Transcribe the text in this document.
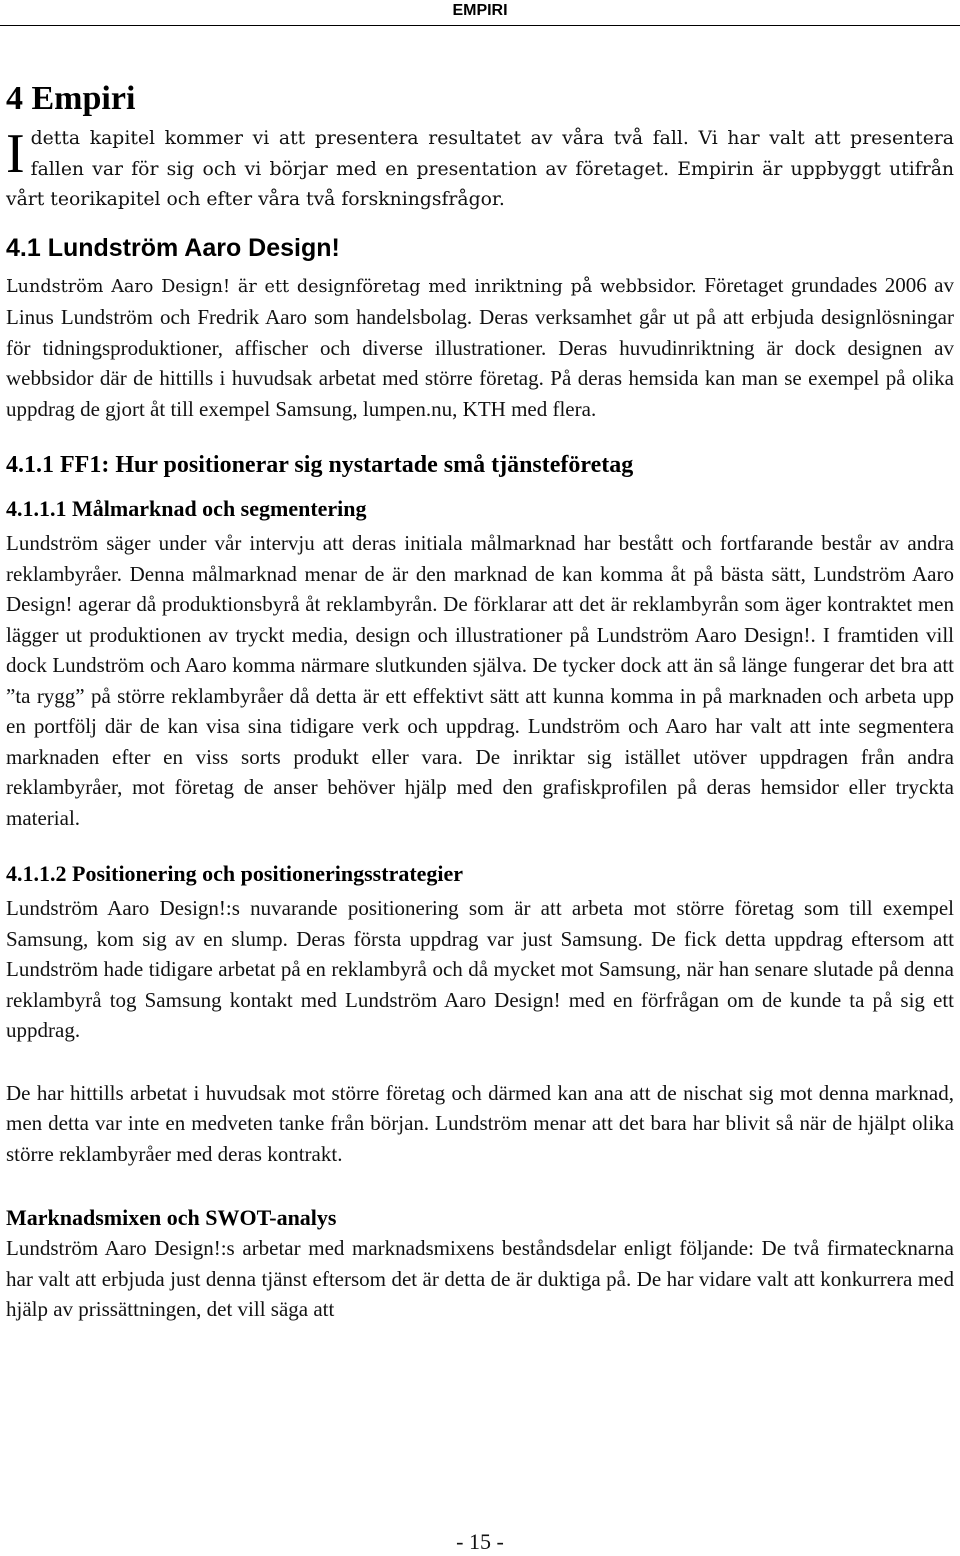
EMPIRI
4 Empiri

Idetta kapitel kommer vi att presentera resultatet av våra två fall. Vi har valt att presentera fallen var för sig och vi börjar med en presentation av företaget. Empirin är uppbyggt utifrån vårt teorikapitel och efter våra två forskningsfrågor.

4.1 Lundström Aaro Design!

Lundström Aaro Design! är ett designföretag med inriktning på webbsidor. Företaget grundades 2006 av Linus Lundström och Fredrik Aaro som handelsbolag. Deras verksamhet går ut på att erbjuda designlösningar för tidningsproduktioner, affischer och diverse illustrationer. Deras huvudinriktning är dock designen av webbsidor där de hittills i huvudsak arbetat med större företag. På deras hemsida kan man se exempel på olika uppdrag de gjort åt till exempel Samsung, lumpen.nu, KTH med flera.

4.1.1 FF1: Hur positionerar sig nystartade små tjänsteföretag
4.1.1.1 Målmarknad och segmentering

Lundström säger under vår intervju att deras initiala målmarknad har bestått och fortfarande består av andra reklambyråer. Denna målmarknad menar de är den marknad de kan komma åt på bästa sätt, Lundström Aaro Design! agerar då produktionsbyrå åt reklambyrån. De förklarar att det är reklambyrån som äger kontraktet men lägger ut produktionen av tryckt media, design och illustrationer på Lundström Aaro Design!. I framtiden vill dock Lundström och Aaro komma närmare slutkunden själva. De tycker dock att än så länge fungerar det bra att ”ta rygg” på större reklambyråer då detta är ett effektivt sätt att kunna komma in på marknaden och arbeta upp en portfölj där de kan visa sina tidigare verk och uppdrag. Lundström och Aaro har valt att inte segmentera marknaden efter en viss sorts produkt eller vara. De inriktar sig istället utöver uppdragen från andra reklambyråer, mot företag de anser behöver hjälp med den grafiskprofilen på deras hemsidor eller tryckta material.

4.1.1.2 Positionering och positioneringsstrategier

Lundström Aaro Design!:s nuvarande positionering som är att arbeta mot större företag som till exempel Samsung, kom sig av en slump. Deras första uppdrag var just Samsung. De fick detta uppdrag eftersom att Lundström hade tidigare arbetat på en reklambyrå och då mycket mot Samsung, när han senare slutade på denna reklambyrå tog Samsung kontakt med Lundström Aaro Design! med en förfrågan om de kunde ta på sig ett uppdrag.

De har hittills arbetat i huvudsak mot större företag och därmed kan ana att de nischat sig mot denna marknad, men detta var inte en medveten tanke från början. Lundström menar att det bara har blivit så när de hjälpt olika större reklambyråer med deras kontrakt.

Marknadsmixen och SWOT-analys

Lundström Aaro Design!:s arbetar med marknadsmixens beståndsdelar enligt följande: De två firmatecknarna har valt att erbjuda just denna tjänst eftersom det är detta de är duktiga på. De har vidare valt att konkurrera med hjälp av prissättningen, det vill säga att

- 15 -
